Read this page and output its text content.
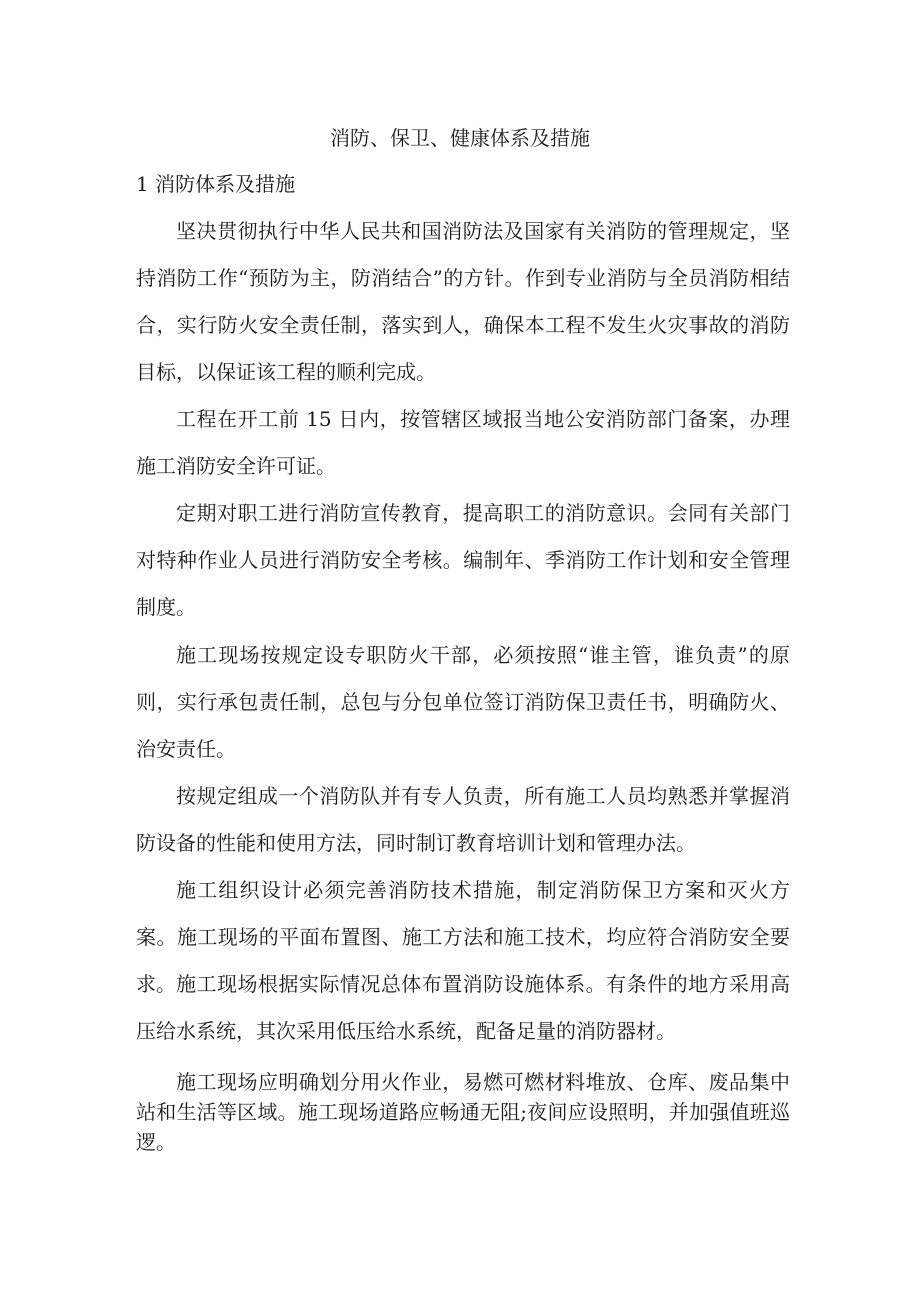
消防、保卫、健康体系及措施
1 消防体系及措施

坚决贯彻执行中华人民共和国消防法及国家有关消防的管理规定，坚持消防工作“预防为主，防消结合”的方针。作到专业消防与全员消防相结合，实行防火安全责任制，落实到人，确保本工程不发生火灾事故的消防目标，以保证该工程的顺利完成。

工程在开工前 15 日内，按管辖区域报当地公安消防部门备案，办理施工消防安全许可证。

定期对职工进行消防宣传教育，提高职工的消防意识。会同有关部门对特种作业人员进行消防安全考核。编制年、季消防工作计划和安全管理制度。

施工现场按规定设专职防火干部，必须按照“谁主管，谁负责”的原则，实行承包责任制，总包与分包单位签订消防保卫责任书，明确防火、治安责任。

按规定组成一个消防队并有专人负责，所有施工人员均熟悉并掌握消防设备的性能和使用方法，同时制订教育培训计划和管理办法。

施工组织设计必须完善消防技术措施，制定消防保卫方案和灭火方案。施工现场的平面布置图、施工方法和施工技术，均应符合消防安全要求。 施工现场根据实际情况总体布置消防设施体系。有条件的地方采用高压给水系统，其次采用低压给水系统，配备足量的消防器材。

施工现场应明确划分用火作业，易燃可燃材料堆放、仓库、废品集中站和生活等区域。施工现场道路应畅通无阻;夜间应设照明，并加强值班巡逻。
